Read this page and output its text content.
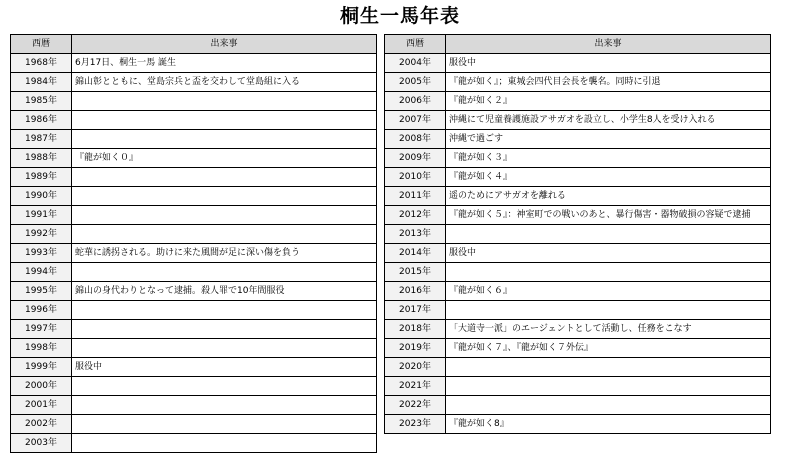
桐生一馬年表
西暦	出来事
1968年	6月17日、桐生一馬 誕生
1984年	錦山彰とともに、堂島宗兵と盃を交わして堂島組に入る
1985年	
1986年	
1987年	
1988年	『龍が如く０』
1989年	
1990年	
1991年	
1992年	
1993年	蛇華に誘拐される。助けに来た風間が足に深い傷を負う
1994年	
1995年	錦山の身代わりとなって逮捕。殺人罪で10年間服役
1996年	
1997年	
1998年	
1999年	服役中
2000年	
2001年	
2002年	
2003年	
西暦	出来事
2004年	服役中
2005年	『龍が如く』；東城会四代目会長を襲名。同時に引退
2006年	『龍が如く２』
2007年	沖縄にて児童養護施設アサガオを設立し、小学生8人を受け入れる
2008年	沖縄で過ごす
2009年	『龍が如く３』
2010年	『龍が如く４』
2011年	遥のためにアサガオを離れる
2012年	『龍が如く５』：神室町での戦いのあと、暴行傷害・器物破損の容疑で逮捕
2013年	
2014年	服役中
2015年	
2016年	『龍が如く６』
2017年	
2018年	「大道寺一派」のエージェントとして活動し、任務をこなす
2019年	『龍が如く７』、『龍が如く７外伝』
2020年	
2021年	
2022年	
2023年	『龍が如く8』
